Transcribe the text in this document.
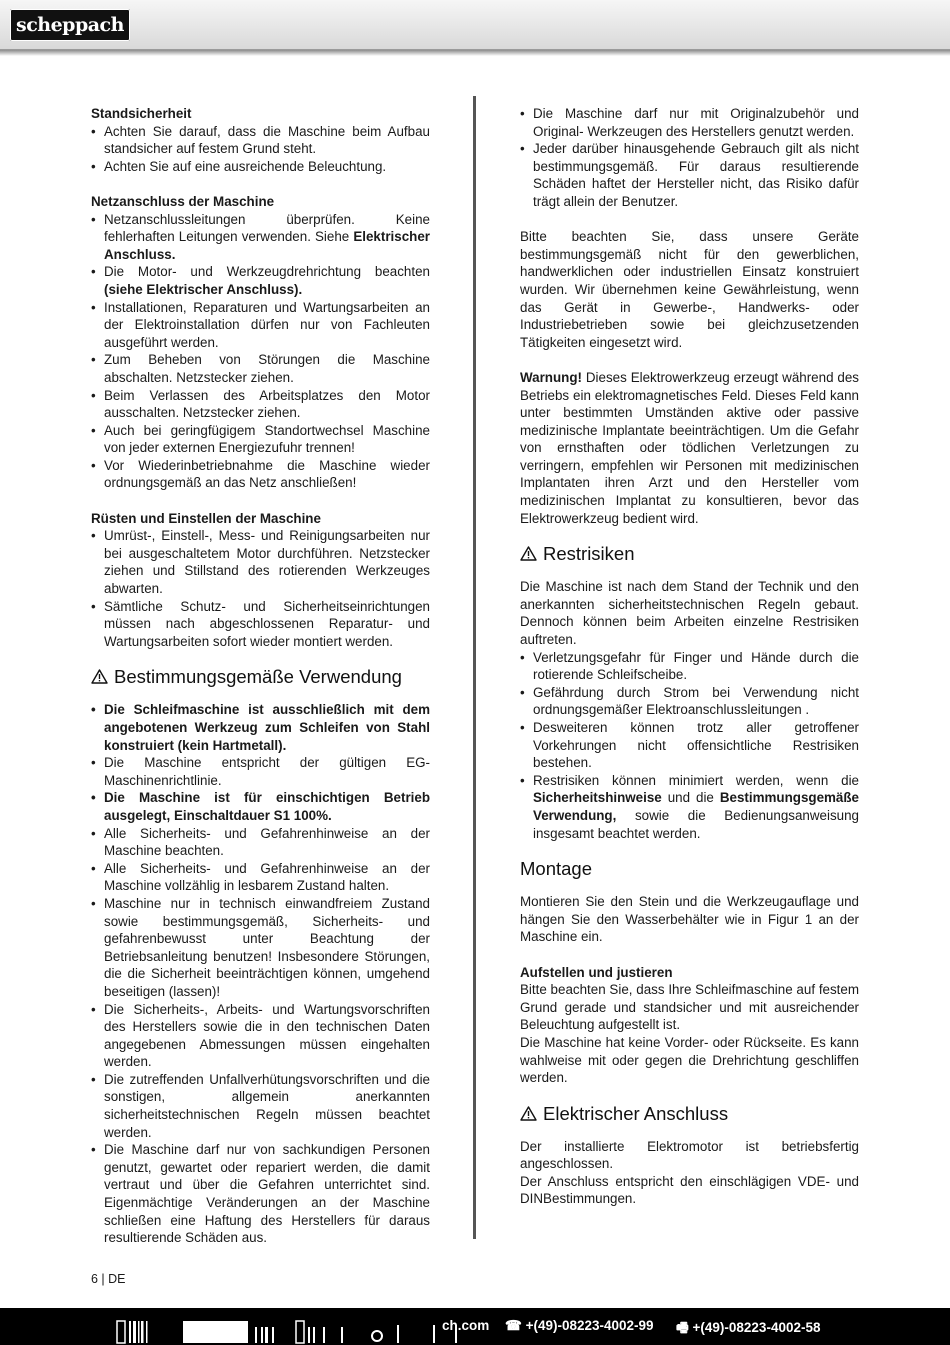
scheppach
Standsicherheit
• Achten Sie darauf, dass die Maschine beim Aufbau standsicher auf festem Grund steht.
• Achten Sie auf eine ausreichende Beleuchtung.
Netzanschluss der Maschine
• Netzanschlussleitungen überprüfen. Keine fehlerhaften Leitungen verwenden. Siehe Elektrischer Anschluss.
• Die Motor- und Werkzeugdrehrichtung beachten (siehe Elektrischer Anschluss).
• Installationen, Reparaturen und Wartungsarbeiten an der Elektroinstallation dürfen nur von Fachleuten ausgeführt werden.
• Zum Beheben von Störungen die Maschine abschalten. Netzstecker ziehen.
• Beim Verlassen des Arbeitsplatzes den Motor ausschalten. Netzstecker ziehen.
• Auch bei geringfügigem Standortwechsel Maschine von jeder externen Energiezufuhr trennen!
• Vor Wiederinbetriebnahme die Maschine wieder ordnungsgemäß an das Netz anschließen!
Rüsten und Einstellen der Maschine
• Umrüst-, Einstell-, Mess- und Reinigungsarbeiten nur bei ausgeschaltetem Motor durchführen. Netzstecker ziehen und Stillstand des rotierenden Werkzeuges abwarten.
• Sämtliche Schutz- und Sicherheitseinrichtungen müssen nach abgeschlossenen Reparatur- und Wartungsarbeiten sofort wieder montiert werden.
Bestimmungsgemäße Verwendung
• Die Schleifmaschine ist ausschließlich mit dem angebotenen Werkzeug zum Schleifen von Stahl konstruiert (kein Hartmetall).
• Die Maschine entspricht der gültigen EG-Maschinenrichtlinie.
• Die Maschine ist für einschichtigen Betrieb ausgelegt, Einschaltdauer S1 100%.
• Alle Sicherheits- und Gefahrenhinweise an der Maschine beachten.
• Alle Sicherheits- und Gefahrenhinweise an der Maschine vollzählig in lesbarem Zustand halten.
• Maschine nur in technisch einwandfreiem Zustand sowie bestimmungsgemäß, Sicherheits- und gefahrenbewusst unter Beachtung der Betriebsanleitung benutzen! Insbesondere Störungen, die die Sicherheit beeinträchtigen können, umgehend beseitigen (lassen)!
• Die Sicherheits-, Arbeits- und Wartungsvorschriften des Herstellers sowie die in den technischen Daten angegebenen Abmessungen müssen eingehalten werden.
• Die zutreffenden Unfallverhütungsvorschriften und die sonstigen, allgemein anerkannten sicherheitstechnischen Regeln müssen beachtet werden.
• Die Maschine darf nur von sachkundigen Personen genutzt, gewartet oder repariert werden, die damit vertraut und über die Gefahren unterrichtet sind. Eigenmächtige Veränderungen an der Maschine schließen eine Haftung des Herstellers für daraus resultierende Schäden aus.
• Die Maschine darf nur mit Originalzubehör und Original- Werkzeugen des Herstellers genutzt werden.
• Jeder darüber hinausgehende Gebrauch gilt als nicht bestimmungsgemäß. Für daraus resultierende Schäden haftet der Hersteller nicht, das Risiko dafür trägt allein der Benutzer.

Bitte beachten Sie, dass unsere Geräte bestimmungsgemäß nicht für den gewerblichen, handwerklichen oder industriellen Einsatz konstruiert wurden. Wir übernehmen keine Gewährleistung, wenn das Gerät in Gewerbe-, Handwerks- oder Industriebetrieben sowie bei gleichzusetzenden Tätigkeiten eingesetzt wird.

Warnung! Dieses Elektrowerkzeug erzeugt während des Betriebs ein elektromagnetisches Feld. Dieses Feld kann unter bestimmten Umständen aktive oder passive medizinische Implantate beeinträchtigen. Um die Gefahr von ernsthaften oder tödlichen Verletzungen zu verringern, empfehlen wir Personen mit medizinischen Implantaten ihren Arzt und den Hersteller vom medizinischen Implantat zu konsultieren, bevor das Elektrowerkzeug bedient wird.

Restrisiken

Die Maschine ist nach dem Stand der Technik und den anerkannten sicherheitstechnischen Regeln gebaut. Dennoch können beim Arbeiten einzelne Restrisiken auftreten.

• Verletzungsgefahr für Finger und Hände durch die rotierende Schleifscheibe.
• Gefährdung durch Strom bei Verwendung nicht ordnungsgemäßer Elektroanschlussleitungen .
• Desweiteren können trotz aller getroffener Vorkehrungen nicht offensichtliche Restrisiken bestehen.
• Restrisiken können minimiert werden, wenn die Sicherheitshinweise und die Bestimmungsgemäße Verwendung, sowie die Bedienungsanweisung insgesamt beachtet werden.
Montage

Montieren Sie den Stein und die Werkzeugauflage und hängen Sie den Wasserbehälter wie in Figur 1 an der Maschine ein.

Aufstellen und justieren

Bitte beachten Sie, dass Ihre Schleifmaschine auf festem Grund gerade und standsicher und mit ausreichender Beleuchtung aufgestellt ist.

Die Maschine hat keine Vorder- oder Rückseite. Es kann wahlweise mit oder gegen die Drehrichtung geschliffen werden.

Elektrischer Anschluss

Der installierte Elektromotor ist betriebsfertig angeschlossen.

Der Anschluss entspricht den einschlägigen VDE- und DINBestimmungen.

6 | DE
ch.com ☎ +(49)-08223-4002-99 🖷 +(49)-08223-4002-58
